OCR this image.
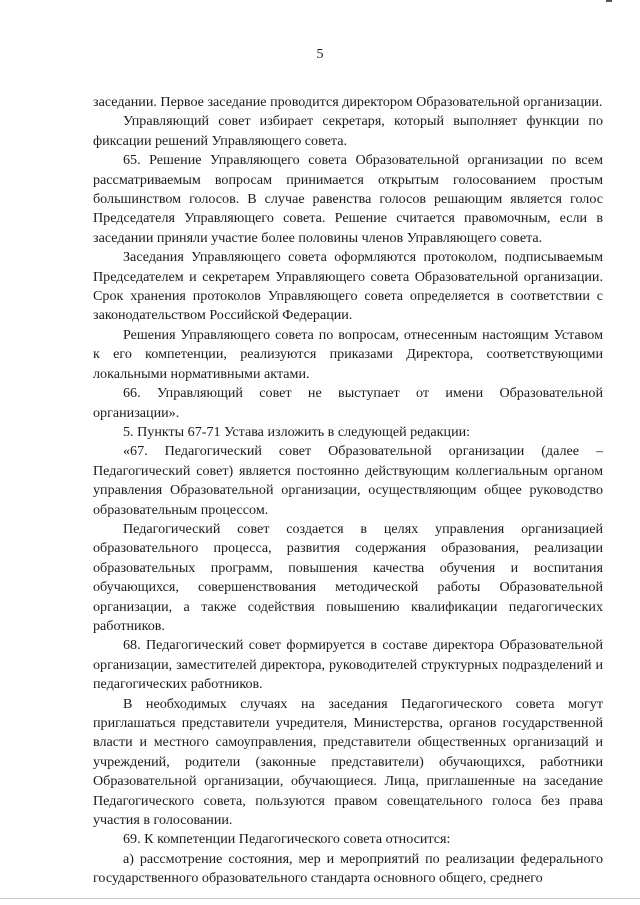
5

заседании. Первое заседание проводится директором Образовательной организации.

Управляющий совет избирает секретаря, который выполняет функции по фиксации решений Управляющего совета.

65. Решение Управляющего совета Образовательной организации по всем рассматриваемым вопросам принимается открытым голосованием простым большинством голосов. В случае равенства голосов решающим является голос Председателя Управляющего совета. Решение считается правомочным, если в заседании приняли участие более половины членов Управляющего совета.

Заседания Управляющего совета оформляются протоколом, подписываемым Председателем и секретарем Управляющего совета Образовательной организации. Срок хранения протоколов Управляющего совета определяется в соответствии с законодательством Российской Федерации.

Решения Управляющего совета по вопросам, отнесенным настоящим Уставом к его компетенции, реализуются приказами Директора, соответствующими локальными нормативными актами.

66. Управляющий совет не выступает от имени Образовательной организации».

5. Пункты 67-71 Устава изложить в следующей редакции:

«67. Педагогический совет Образовательной организации (далее – Педагогический совет) является постоянно действующим коллегиальным органом управления Образовательной организации, осуществляющим общее руководство образовательным процессом.

Педагогический совет создается в целях управления организацией образовательного процесса, развития содержания образования, реализации образовательных программ, повышения качества обучения и воспитания обучающихся, совершенствования методической работы Образовательной организации, а также содействия повышению квалификации педагогических работников.

68. Педагогический совет формируется в составе директора Образовательной организации, заместителей директора, руководителей структурных подразделений и педагогических работников.

В необходимых случаях на заседания Педагогического совета могут приглашаться представители учредителя, Министерства, органов государственной власти и местного самоуправления, представители общественных организаций и учреждений, родители (законные представители) обучающихся, работники Образовательной организации, обучающиеся. Лица, приглашенные на заседание Педагогического совета, пользуются правом совещательного голоса без права участия в голосовании.

69. К компетенции Педагогического совета относится:

а) рассмотрение состояния, мер и мероприятий по реализации федерального государственного образовательного стандарта основного общего, среднего
